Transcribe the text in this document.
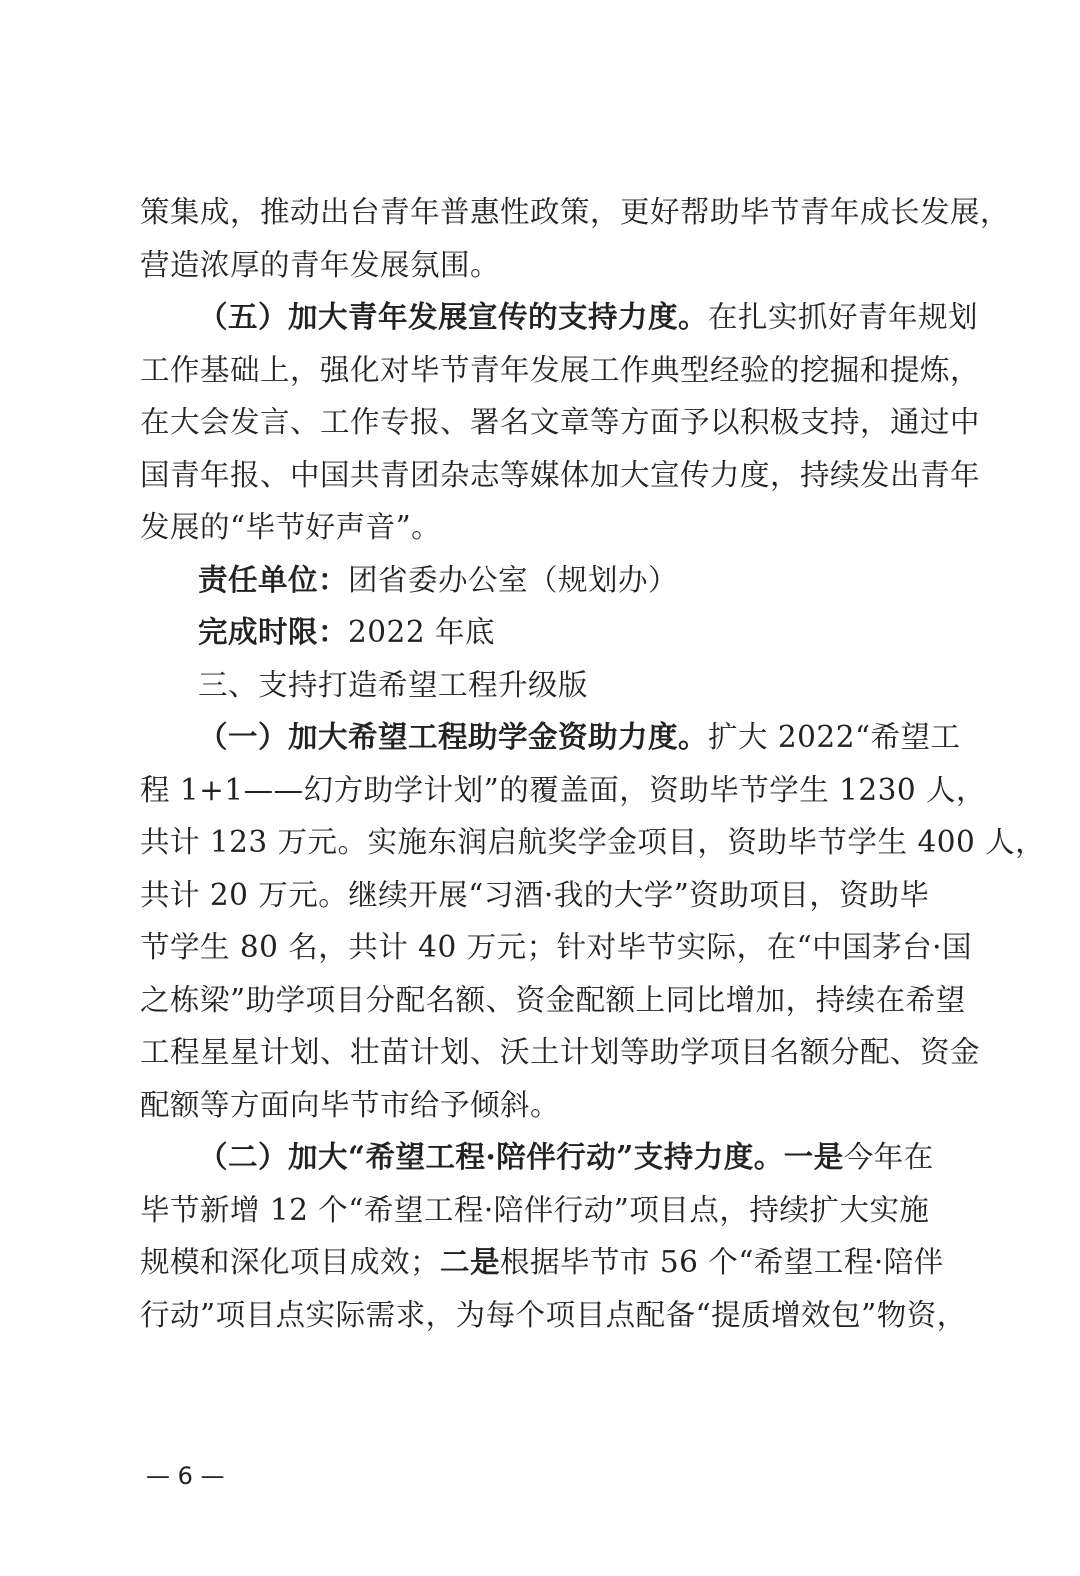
策集成，推动出台青年普惠性政策，更好帮助毕节青年成长发展，
营造浓厚的青年发展氛围。
（五）加大青年发展宣传的支持力度。在扎实抓好青年规划
工作基础上，强化对毕节青年发展工作典型经验的挖掘和提炼，
在大会发言、工作专报、署名文章等方面予以积极支持，通过中
国青年报、中国共青团杂志等媒体加大宣传力度，持续发出青年
发展的“毕节好声音”。
责任单位：团省委办公室（规划办）
完成时限：2022 年底
三、支持打造希望工程升级版
（一）加大希望工程助学金资助力度。扩大 2022“希望工
程 1+1——幻方助学计划”的覆盖面，资助毕节学生 1230 人，
共计 123 万元。实施东润启航奖学金项目，资助毕节学生 400 人，
共计 20 万元。继续开展“习酒·我的大学”资助项目，资助毕
节学生 80 名，共计 40 万元；针对毕节实际，在“中国茅台·国
之栋梁”助学项目分配名额、资金配额上同比增加，持续在希望
工程星星计划、壮苗计划、沃土计划等助学项目名额分配、资金
配额等方面向毕节市给予倾斜。
（二）加大“希望工程·陪伴行动”支持力度。一是今年在
毕节新增 12 个“希望工程·陪伴行动”项目点，持续扩大实施
规模和深化项目成效；二是根据毕节市 56 个“希望工程·陪伴
行动”项目点实际需求，为每个项目点配备“提质增效包”物资，
— 6 —
